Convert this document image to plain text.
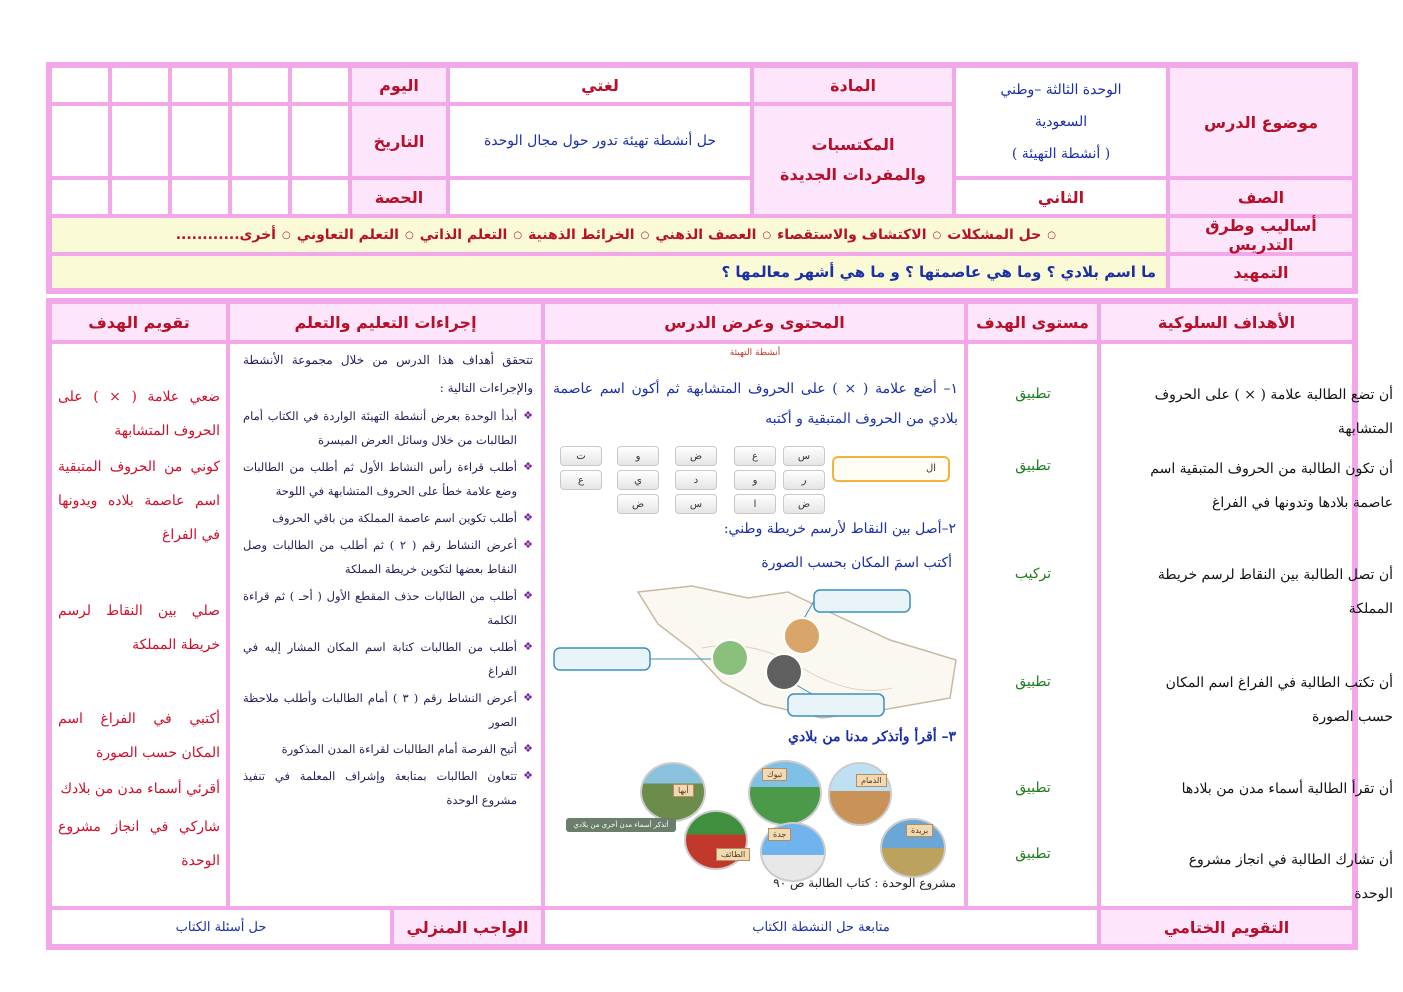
موضوع الدرس
الوحدة الثالثة –وطني
السعودية
( أنشطة التهيئة )
المادة
لغتي
اليوم
المكتسبات والمفردات الجديدة
حل أنشطة تهيئة تدور حول مجال الوحدة
التاريخ
الصف
الثاني
الحصة
أساليب وطرق التدريس
○
حل المشكلات
○
الاكتشاف والاستقصاء
○
العصف الذهني
○
الخرائط الذهنية
○
التعلم الذاتي
○
التعلم التعاوني
○
أخرى............
التمهيد
ما اسم بلادي ؟ وما هي عاصمتها ؟ و ما هي أشهر معالمها ؟
الأهداف السلوكية
مستوى الهدف
المحتوى وعرض الدرس
إجراءات التعليم والتعلم
تقويم الهدف
أن تضع الطالبة علامة ( × ) على الحروف المتشابهة
أن تكون الطالبة من الحروف المتبقية اسم عاصمة بلادها وتدونها في الفراغ
أن تصل الطالبة بين النقاط لرسم خريطة المملكة
أن تكتب الطالبة في الفراغ اسم المكان حسب الصورة
أن تقرأ الطالبة أسماء مدن من بلادها
أن تشارك الطالبة في انجاز مشروع الوحدة
تطبيق
تطبيق
تركيب
تطبيق
تطبيق
تطبيق
أنشطة التهيئة
١– أضع علامة ( × ) على الحروف المتشابهة ثم أكون اسم عاصمة بلادي من الحروف المتبقية و أكتبه
س
ع
ض
و
ت
ر
و
د
ي
ع
ض
ا
س
ض
ال
٢–أصل بين النقاط لأرسم خريطة وطني:
أكتب اسمَ المكان بحسب الصورة
٣– أقرأ وأتذكر مدنا من بلادي
تبوك
الدمام
أبها
الطائف
جدة	بريدة
أتذكر أسماء مدن أخرى من بلادي
مشروع الوحدة : كتاب الطالبة ص ٩٠
تتحقق أهداف هذا الدرس من خلال مجموعة الأنشطة والإجراءات التالية :
❖ أبدأ الوحدة بعرض أنشطة التهيئة الواردة في الكتاب أمام الطالبات من خلال وسائل العرض الميسرة
❖ أطلب قراءة رأس النشاط الأول ثم أطلب من الطالبات وضع علامة خطأ على الحروف المتشابهة في اللوحة
❖ أطلب تكوين اسم عاصمة المملكة من باقي الحروف
❖ أعرض النشاط رقم ( ٢ ) ثم أطلب من الطالبات وصل النقاط بعضها لتكوين خريطة المملكة
❖ أطلب من الطالبات حذف المقطع الأول ( أحـ ) ثم قراءة الكلمة
❖ أطلب من الطالبات كتابة اسم المكان المشار إليه في الفراغ
❖ أعرض النشاط رقم ( ٣ ) أمام الطالبات وأطلب ملاحظة الصور
❖ أتيح الفرصة أمام الطالبات لقراءة المدن المذكورة
❖ تتعاون الطالبات بمتابعة وإشراف المعلمة في تنفيذ مشروع الوحدة
ضعي علامة ( × ) على الحروف المتشابهة
كوني من الحروف المتبقية اسم عاصمة بلاده ويدونها في الفراغ
صلي بين النقاط لرسم خريطة المملكة
أكتبي في الفراغ اسم المكان حسب الصورة
أقرئي أسماء مدن من بلادك
شاركي في انجاز مشروع الوحدة
التقويم الختامي
متابعة حل النشطة الكتاب
الواجب المنزلي
حل أسئلة الكتاب
